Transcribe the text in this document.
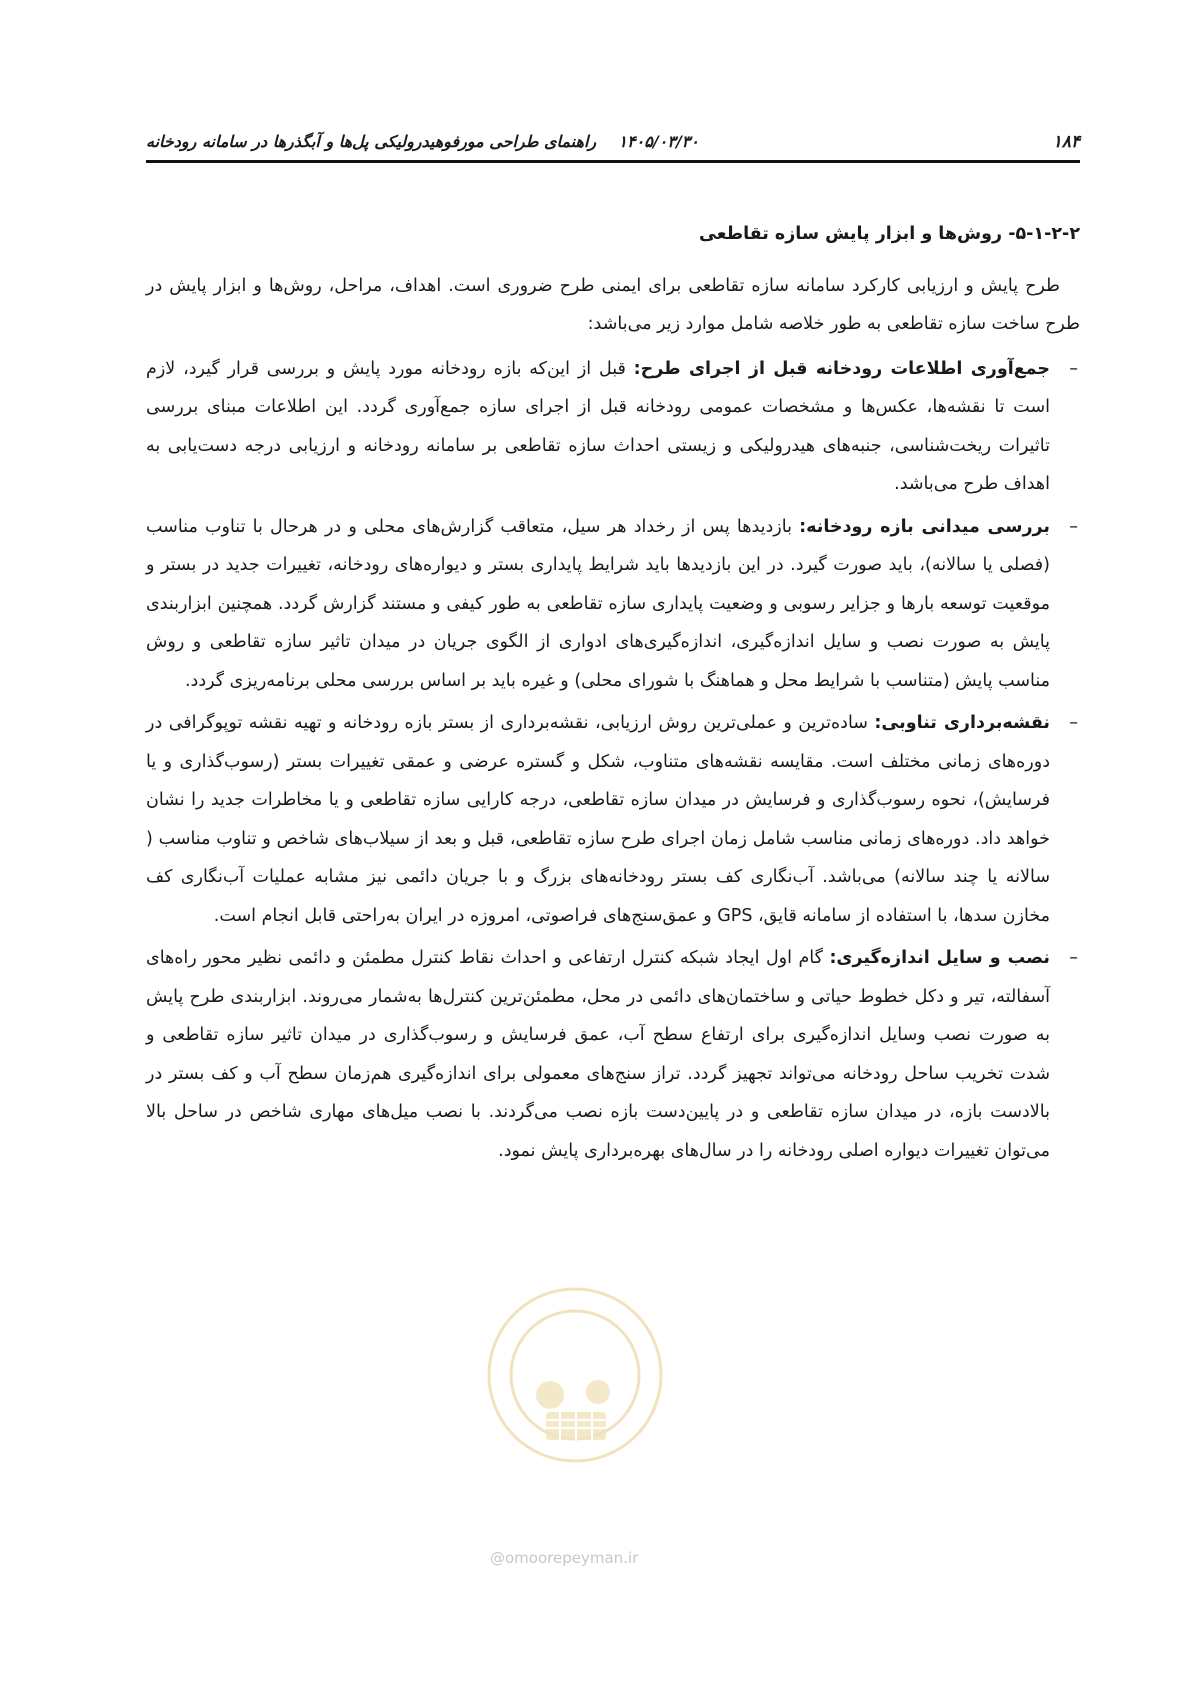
۱۸۴
۱۴۰۵/۰۳/۳۰    راهنمای طراحی مورفوهیدرولیکی پل‌ها و آبگذرها در سامانه رودخانه
۵-۱-۲-۲- روش‌ها و ابزار پایش سازه تقاطعی

طرح پایش و ارزیابی کارکرد سامانه سازه تقاطعی برای ایمنی طرح ضروری است. اهداف، مراحل، روش‌ها و ابزار پایش در طرح ساخت سازه تقاطعی به طور خلاصه شامل موارد زیر می‌باشد:

–
جمع‌آوری اطلاعات رودخانه قبل از اجرای طرح: قبل از این‌که بازه رودخانه مورد پایش و بررسی قرار گیرد، لازم است تا نقشه‌ها، عکس‌ها و مشخصات عمومی رودخانه قبل از اجرای سازه جمع‌آوری گردد. این اطلاعات مبنای بررسی تاثیرات ریخت‌شناسی، جنبه‌های هیدرولیکی و زیستی احداث سازه تقاطعی بر سامانه رودخانه و ارزیابی درجه دست‌یابی به اهداف طرح می‌باشد.
–
بررسی میدانی بازه رودخانه: بازدیدها پس از رخداد هر سیل، متعاقب گزارش‌های محلی و در هرحال با تناوب مناسب (فصلی یا سالانه)، باید صورت گیرد. در این بازدیدها باید شرایط پایداری بستر و دیواره‌های رودخانه، تغییرات جدید در بستر و موقعیت توسعه بارها و جزایر رسوبی و وضعیت پایداری سازه تقاطعی به طور کیفی و مستند گزارش گردد. همچنین ابزاربندی پایش به صورت نصب و سایل اندازه‌گیری، اندازه‌گیری‌های ادواری از الگوی جریان در میدان تاثیر سازه تقاطعی و روش مناسب پایش (متناسب با شرایط محل و هماهنگ با شورای محلی) و غیره باید بر اساس بررسی محلی برنامه‌ریزی گردد.
–
نقشه‌برداری تناوبی: ساده‌ترین و عملی‌ترین روش ارزیابی، نقشه‌برداری از بستر بازه رودخانه و تهیه نقشه توپوگرافی در دوره‌های زمانی مختلف است. مقایسه نقشه‌های متناوب، شکل و گستره عرضی و عمقی تغییرات بستر (رسوب‌گذاری و یا فرسایش)، نحوه رسوب‌گذاری و فرسایش در میدان سازه تقاطعی، درجه کارایی سازه تقاطعی و یا مخاطرات جدید را نشان خواهد داد. دوره‌های زمانی مناسب شامل زمان اجرای طرح سازه تقاطعی، قبل و بعد از سیلاب‌های شاخص و تناوب مناسب ( سالانه یا چند سالانه) می‌باشد. آب‌نگاری کف بستر رودخانه‌های بزرگ و با جریان دائمی نیز مشابه عملیات آب‌نگاری کف مخازن سدها، با استفاده از سامانه قایق، GPS و عمق‌سنج‌های فراصوتی، امروزه در ایران به‌راحتی قابل انجام است.
–
نصب و سایل اندازه‌گیری: گام اول ایجاد شبکه کنترل ارتفاعی و احداث نقاط کنترل مطمئن و دائمی نظیر محور راه‌های آسفالته، تیر و دکل خطوط حیاتی و ساختمان‌های دائمی در محل، مطمئن‌ترین کنترل‌ها به‌شمار می‌روند. ابزاربندی طرح پایش به صورت نصب وسایل اندازه‌گیری برای ارتفاع سطح آب، عمق فرسایش و رسوب‌گذاری در میدان تاثیر سازه تقاطعی و شدت تخریب ساحل رودخانه می‌تواند تجهیز گردد. تراز سنج‌های معمولی برای اندازه‌گیری هم‌زمان سطح آب و کف بستر در بالادست بازه، در میدان سازه تقاطعی و در پایین‌دست بازه نصب می‌گردند. با نصب میل‌های مهاری شاخص در ساحل بالا می‌توان تغییرات دیواره اصلی رودخانه را در سال‌های بهره‌برداری پایش نمود.
@omoorepeyman.ir
